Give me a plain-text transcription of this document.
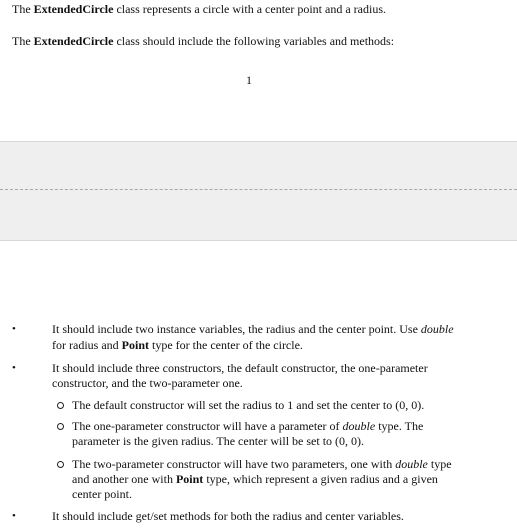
The ExtendedCircle class represents a circle with a center point and a radius.
The ExtendedCircle class should include the following variables and methods:
1
•	It should include two instance variables, the radius and the center point. Use double
for radius and Point type for the center of the circle.
•	It should include three constructors, the default constructor, the one-parameter
constructor, and the two-parameter one.
The default constructor will set the radius to 1 and set the center to (0, 0).
The one-parameter constructor will have a parameter of double type. The
parameter is the given radius. The center will be set to (0, 0).
The two-parameter constructor will have two parameters, one with double type
and another one with Point type, which represent a given radius and a given
center point.
•	It should include get/set methods for both the radius and center variables.
